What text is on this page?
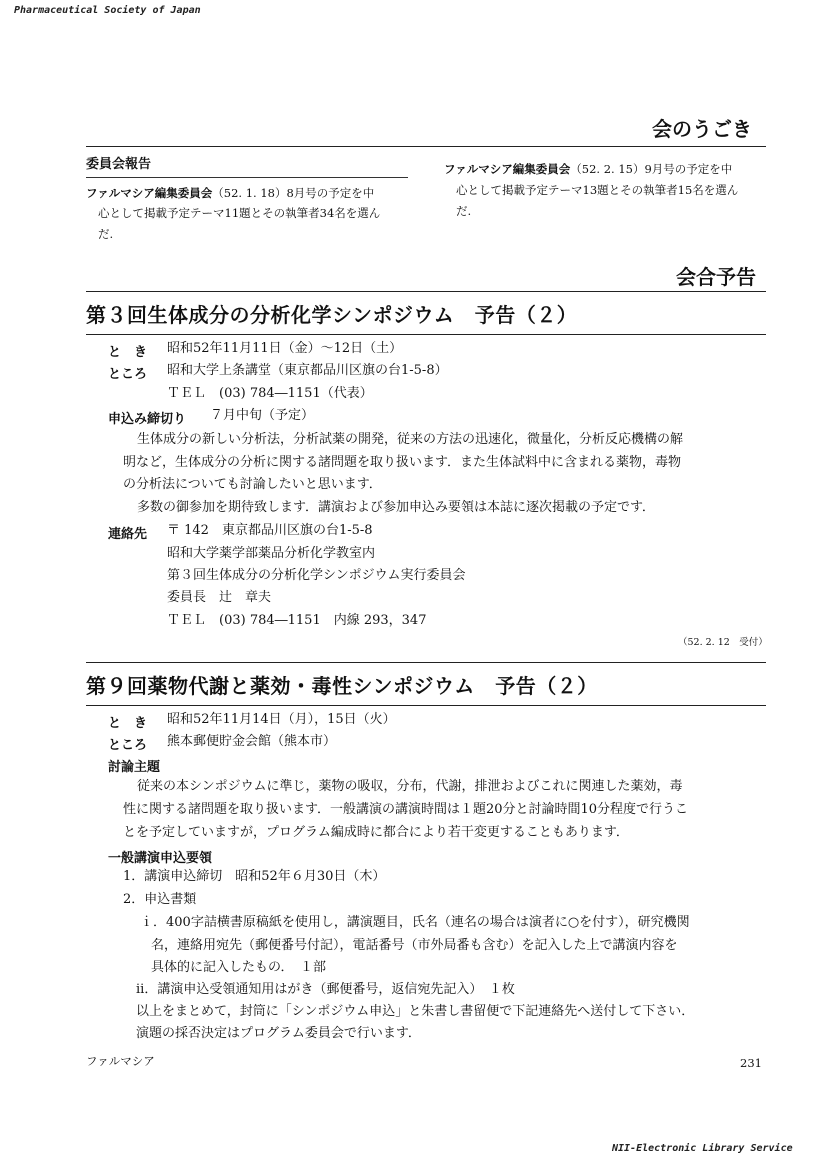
Pharmaceutical Society of Japan
ファルマシア	231
NII-Electronic Library Service
会のうごき
委員会報告
ファルマシア編集委員会（52. 1. 18）8月号の予定を中
心として掲載予定テーマ11題とその執筆者34名を選ん
だ.
ファルマシア編集委員会（52. 2. 15）9月号の予定を中
心として掲載予定テーマ13題とその執筆者15名を選ん
だ.
会合予告
第３回生体成分の分析化学シンポジウム　予告（２）
と　き 昭和52年11月11日（金）～12日（土）
ところ 昭和大学上条講堂（東京都品川区旗の台1-5-8）
ＴＥＬ　(03) 784―1151（代表）
申込み締切り ７月中旬（予定）
生体成分の新しい分析法，分析試薬の開発，従来の方法の迅速化，微量化，分析反応機構の解
明など，生体成分の分析に関する諸問題を取り扱います．また生体試料中に含まれる薬物，毒物
の分析法についても討論したいと思います．
多数の御参加を期待致します．講演および参加申込み要領は本誌に逐次掲載の予定です．
連絡先 〒 142　東京都品川区旗の台1-5-8
昭和大学薬学部薬品分析化学教室内
第３回生体成分の分析化学シンポジウム実行委員会
委員長　辻　章夫
ＴＥＬ　(03) 784―1151　内線 293，347
（52. 2. 12　受付）
第９回薬物代謝と薬効・毒性シンポジウム　予告（２）
と　き 昭和52年11月14日（月），15日（火）
ところ 熊本郵便貯金会館（熊本市）
討論主題
従来の本シンポジウムに準じ，薬物の吸収，分布，代謝，排泄およびこれに関連した薬効，毒
性に関する諸問題を取り扱います．一般講演の講演時間は１題20分と討論時間10分程度で行うこ
とを予定していますが，プログラム編成時に都合により若干変更することもあります．
一般講演申込要領
1．講演申込締切　昭和52年６月30日（木）
2．申込書類
ｉ．400字詰横書原稿紙を使用し，講演題目，氏名（連名の場合は演者に○を付す），研究機関
名，連絡用宛先（郵便番号付記），電話番号（市外局番も含む）を記入した上で講演内容を
具体的に記入したもの．　１部
ii．講演申込受領通知用はがき（郵便番号，返信宛先記入）　１枚
以上をまとめて，封筒に「シンポジウム申込」と朱書し書留便で下記連絡先へ送付して下さい．
演題の採否決定はプログラム委員会で行います．
